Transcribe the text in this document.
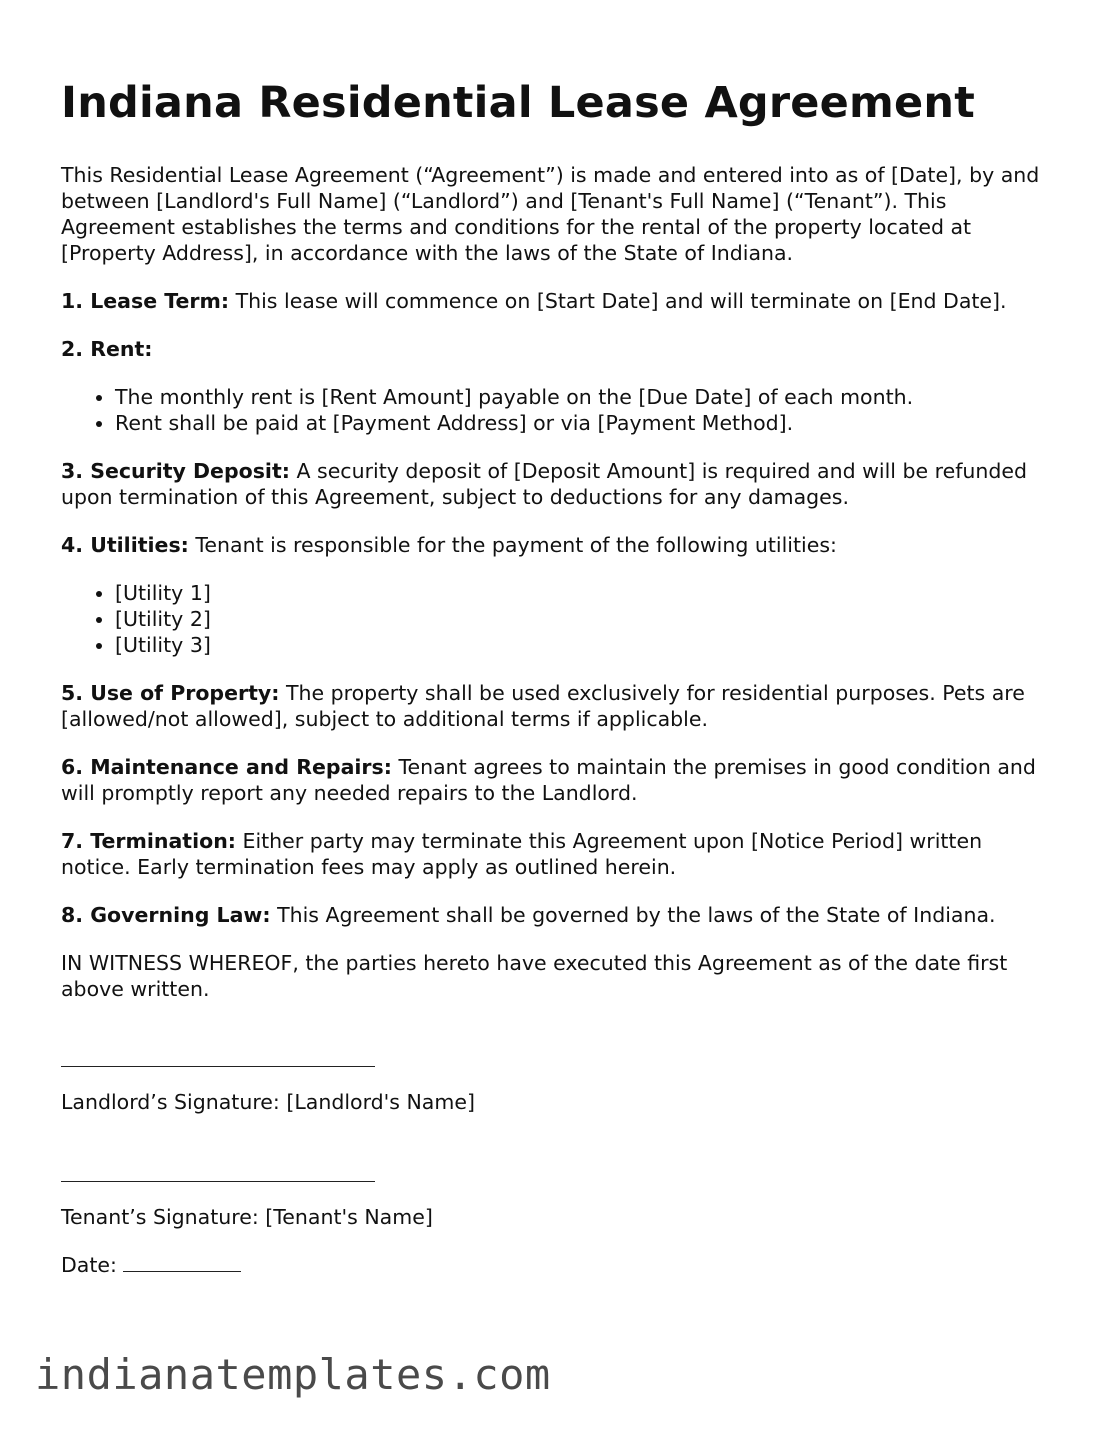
Indiana Residential Lease Agreement

This Residential Lease Agreement (“Agreement”) is made and entered into as of [Date], by and between [Landlord's Full Name] (“Landlord”) and [Tenant's Full Name] (“Tenant”). This Agreement establishes the terms and conditions for the rental of the property located at [Property Address], in accordance with the laws of the State of Indiana.

1. Lease Term: This lease will commence on [Start Date] and will terminate on [End Date].

2. Rent:

• The monthly rent is [Rent Amount] payable on the [Due Date] of each month.
• Rent shall be paid at [Payment Address] or via [Payment Method].

3. Security Deposit: A security deposit of [Deposit Amount] is required and will be refunded upon termination of this Agreement, subject to deductions for any damages.

4. Utilities: Tenant is responsible for the payment of the following utilities:

• [Utility 1]
• [Utility 2]
• [Utility 3]

5. Use of Property: The property shall be used exclusively for residential purposes. Pets are [allowed/not allowed], subject to additional terms if applicable.

6. Maintenance and Repairs: Tenant agrees to maintain the premises in good condition and will promptly report any needed repairs to the Landlord.

7. Termination: Either party may terminate this Agreement upon [Notice Period] written notice. Early termination fees may apply as outlined herein.

8. Governing Law: This Agreement shall be governed by the laws of the State of Indiana.

IN WITNESS WHEREOF, the parties hereto have executed this Agreement as of the date first above written.

Landlord’s Signature: [Landlord's Name]
Tenant’s Signature: [Tenant's Name]
Date:
indianatemplates.com
